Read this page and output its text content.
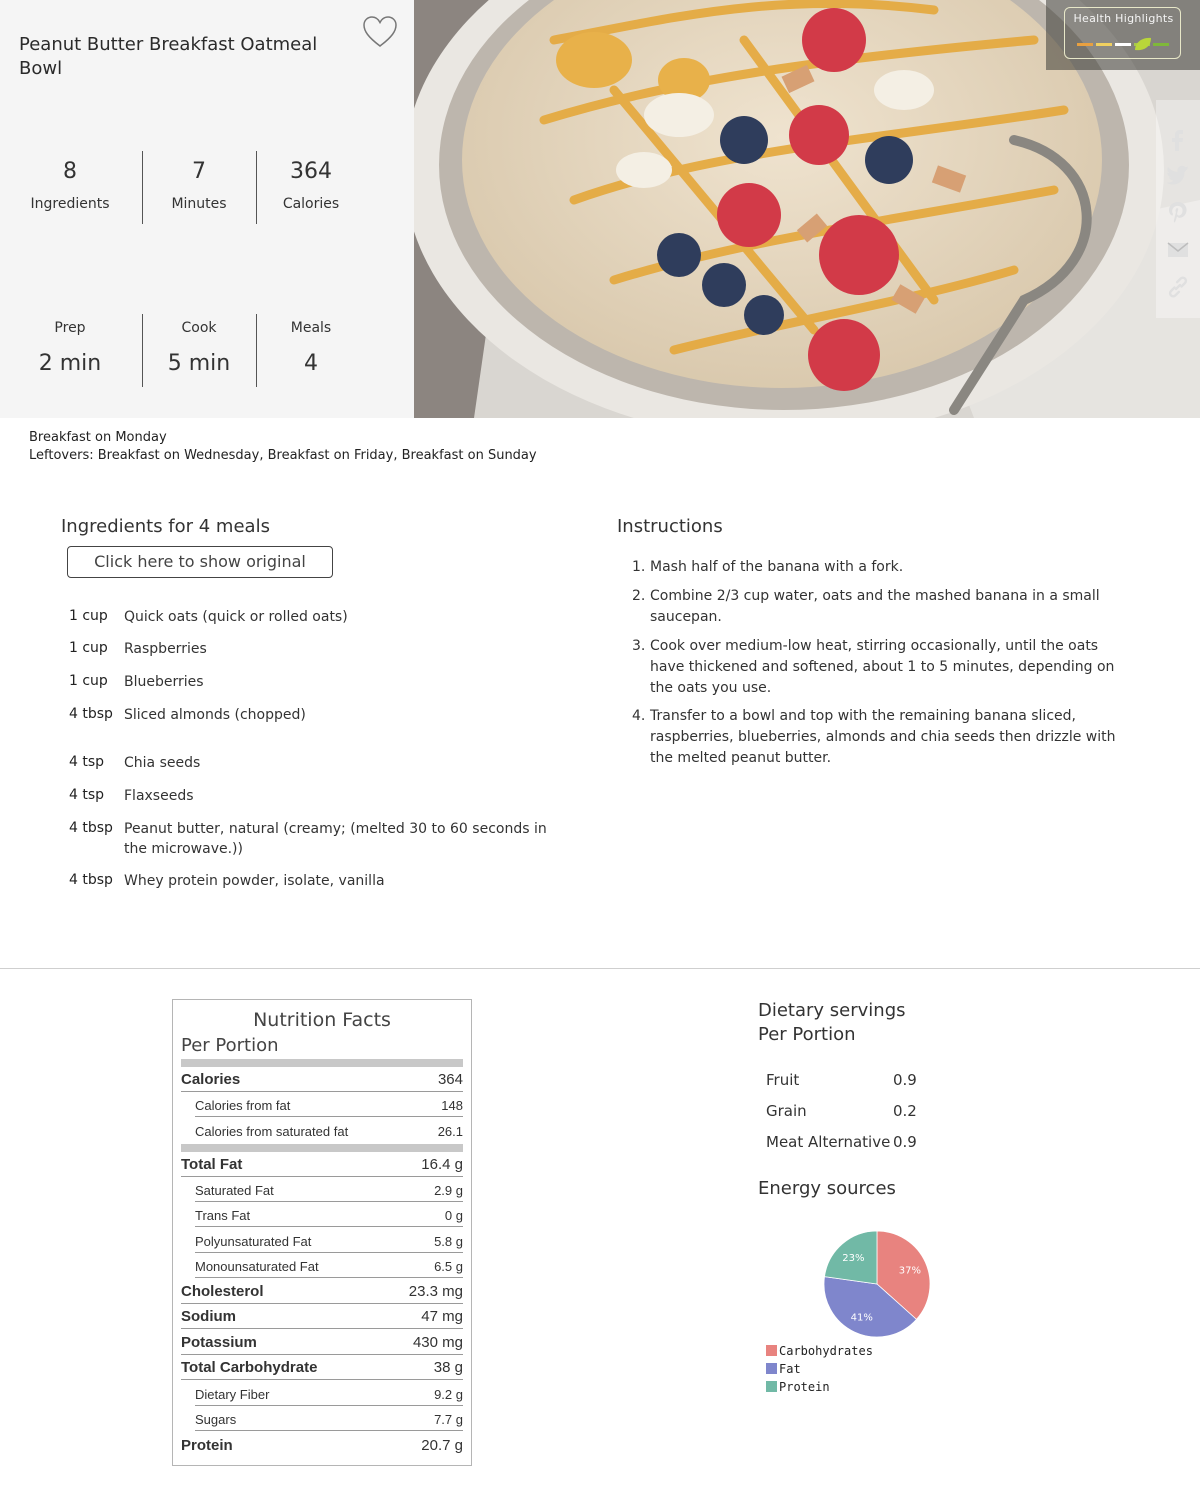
Peanut Butter Breakfast Oatmeal Bowl
8
Ingredients
7
Minutes
364
Calories
Prep
2 min
Cook
5 min
Meals
4
Health Highlights
Breakfast on Monday
Leftovers: Breakfast on Wednesday, Breakfast on Friday, Breakfast on Sunday
Ingredients for 4 meals
Click here to show original
1 cup	Quick oats (quick or rolled oats)
1 cup	Raspberries
1 cup	Blueberries
4 tbsp Sliced almonds (chopped)
4 tsp	Chia seeds
4 tsp	Flaxseeds
4 tbsp Peanut butter, natural (creamy; (melted 30 to 60 seconds in the microwave.))
4 tbsp Whey protein powder, isolate, vanilla
Instructions
1. Mash half of the banana with a fork.
2. Combine 2/3 cup water, oats and the mashed banana in a small saucepan.
3. Cook over medium-low heat, stirring occasionally, until the oats have thickened and softened, about 1 to 5 minutes, depending on the oats you use.
4. Transfer to a bowl and top with the remaining banana sliced, raspberries, blueberries, almonds and chia seeds then drizzle with the melted peanut butter.
Nutrition Facts
Per Portion
Calories	364
Calories from fat	148
Calories from saturated fat	26.1
Total Fat	16.4 g
Saturated Fat	2.9 g
Trans Fat	0 g
Polyunsaturated Fat	5.8 g
Monounsaturated Fat	6.5 g
Cholesterol	23.3 mg
Sodium	47 mg
Potassium	430 mg
Total Carbohydrate	38 g
Dietary Fiber	9.2 g
Sugars	7.7 g
Protein	20.7 g
Dietary servings
Per Portion
Fruit	0.9
Grain	0.2
Meat Alternative 0.9
Energy sources
37%
41%
23%
Carbohydrates
Fat
Protein
